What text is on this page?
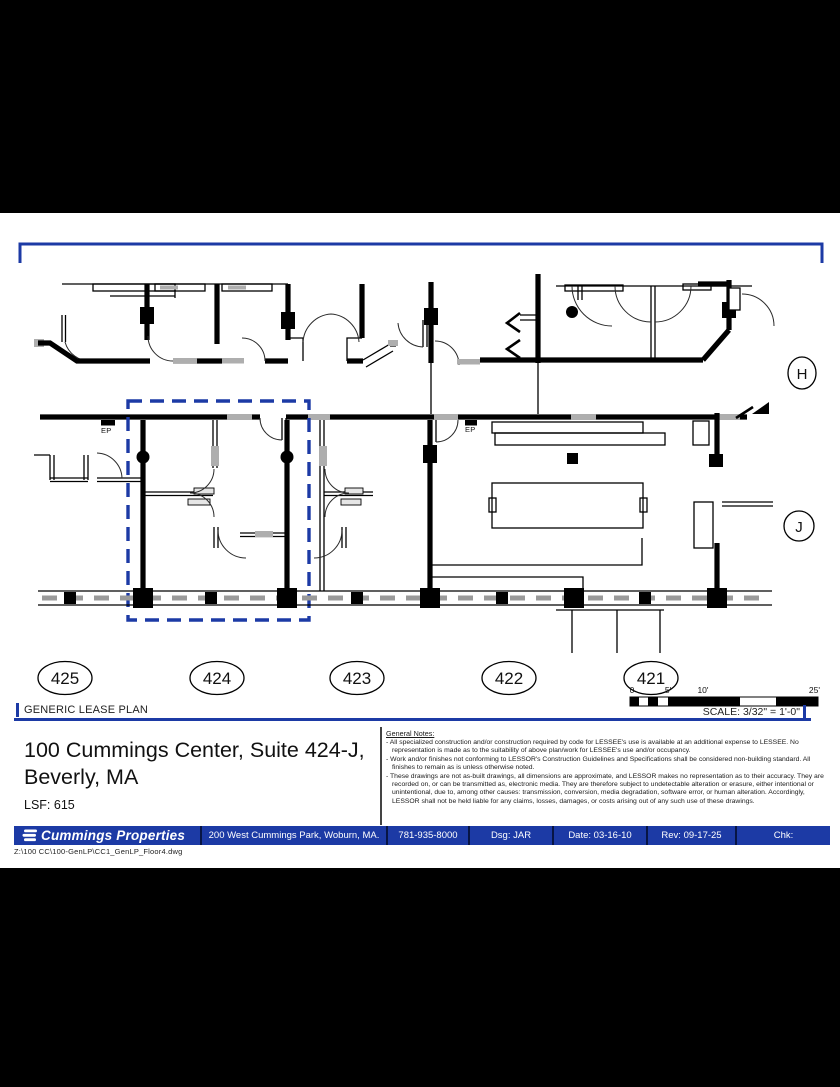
EP	EP
H
J
425	424	423	422	421
0	5'	10'	25'
GENERIC LEASE PLAN	SCALE: 3/32" = 1'-0"
100 Cummings Center, Suite 424-J,
Beverly, MA
LSF: 615
General Notes:
- All specialized construction and/or construction required by code for LESSEE's use is available at an additional expense to LESSEE. No representation is made as to the suitability of above plan/work for LESSEE's use and/or occupancy.
- Work and/or finishes not conforming to LESSOR's Construction Guidelines and Specifications shall be considered non-building standard. All finishes to remain as is unless otherwise noted.
- These drawings are not as-built drawings, all dimensions are approximate, and LESSOR makes no representation as to their accuracy. They are recorded on, or can be transmitted as, electronic media. They are therefore subject to undetectable alteration or erasure, either intentional or unintentional, due to, among other causes: transmission, conversion, media degradation, software error, or human alteration. Accordingly, LESSOR shall not be held liable for any claims, losses, damages, or costs arising out of any such use of these drawings.
Cummings Properties	200 West Cummings Park, Woburn, MA.	781-935-8000	Dsg: JAR	Date: 03-16-10	Rev: 09-17-25	Chk:
Z:\100 CC\100-GenLP\CC1_GenLP_Floor4.dwg
